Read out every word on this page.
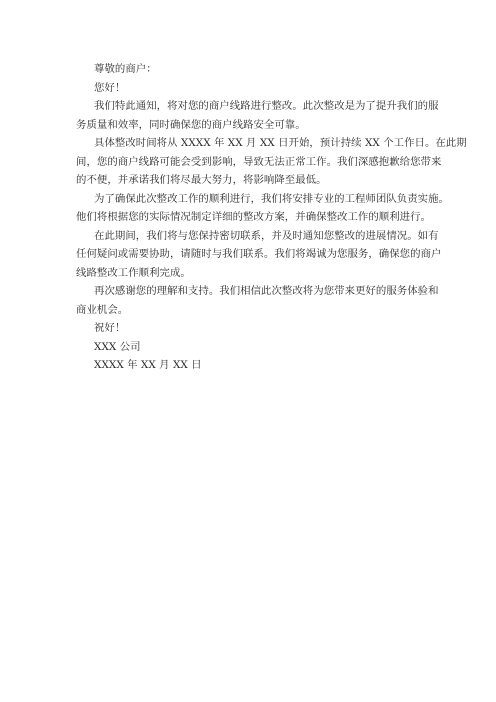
尊敬的商户：
您好！
我们特此通知，将对您的商户线路进行整改。此次整改是为了提升我们的服
务质量和效率，同时确保您的商户线路安全可靠。
具体整改时间将从 XXXX 年 XX 月 XX 日开始，预计持续 XX 个工作日。在此期
间，您的商户线路可能会受到影响，导致无法正常工作。我们深感抱歉给您带来
的不便，并承诺我们将尽最大努力，将影响降至最低。
为了确保此次整改工作的顺利进行，我们将安排专业的工程师团队负责实施。
他们将根据您的实际情况制定详细的整改方案，并确保整改工作的顺利进行。
在此期间，我们将与您保持密切联系，并及时通知您整改的进展情况。如有
任何疑问或需要协助，请随时与我们联系。我们将竭诚为您服务，确保您的商户
线路整改工作顺利完成。
再次感谢您的理解和支持。我们相信此次整改将为您带来更好的服务体验和
商业机会。
祝好！
XXX 公司
XXXX 年 XX 月 XX 日
